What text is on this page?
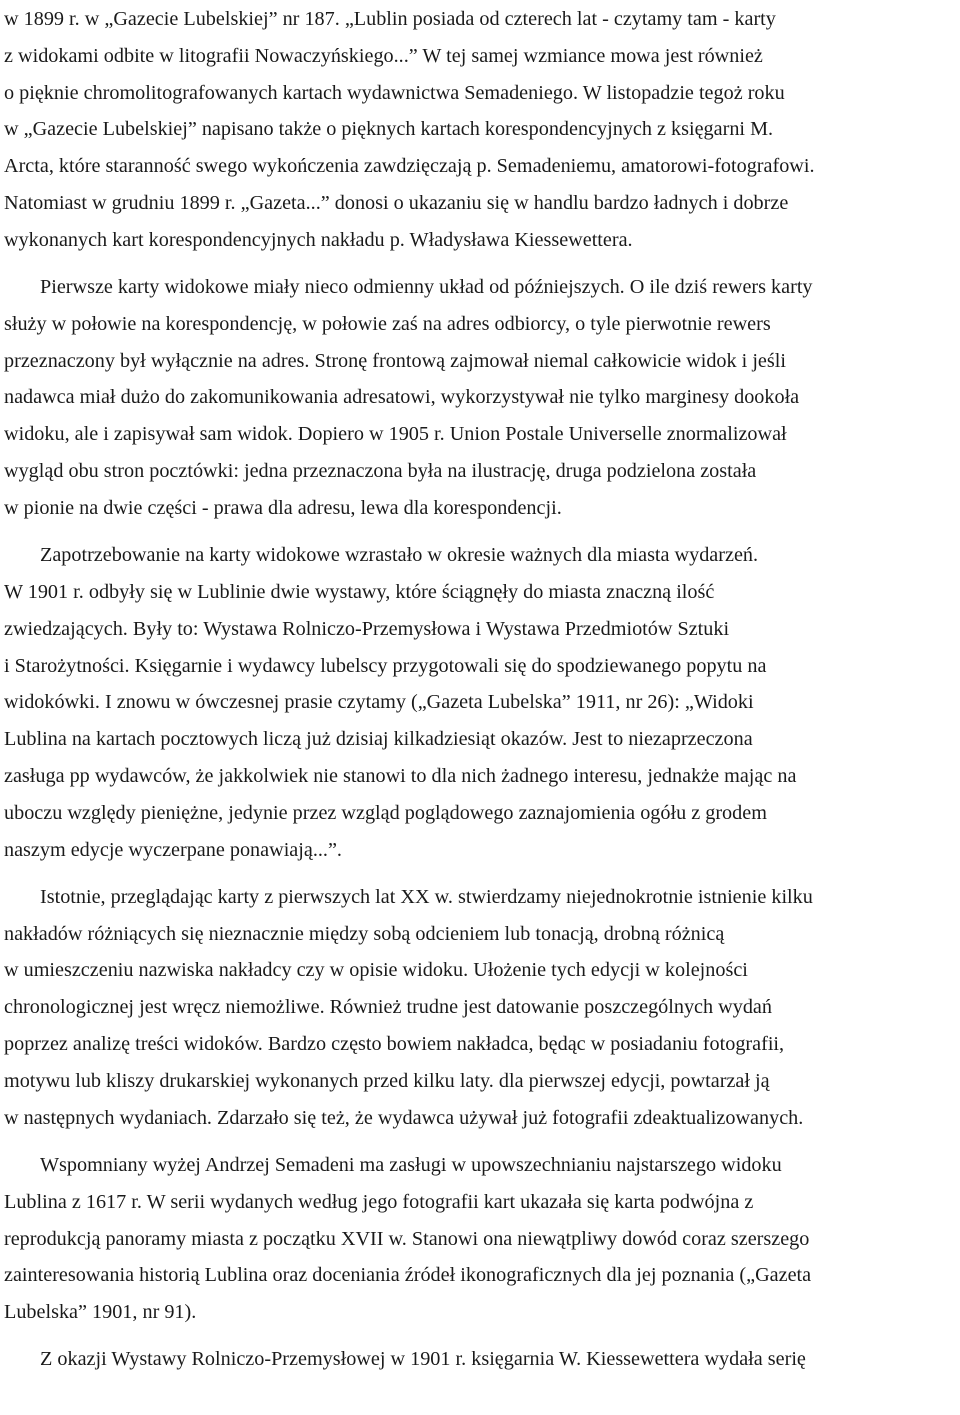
w 1899 r. w „Gazecie Lubelskiej” nr 187. „Lublin posiada od czterech lat - czytamy tam - karty
z widokami odbite w litografii Nowaczyńskiego...” W tej samej wzmiance mowa jest również
o pięknie chromolitografowanych kartach wydawnictwa Semadeniego. W listopadzie tegoż roku
w „Gazecie Lubelskiej” napisano także o pięknych kartach korespondencyjnych z księgarni M.
Arcta, które staranność swego wykończenia zawdzięczają p. Semadeniemu, amatorowi-fotografowi.
Natomiast w grudniu 1899 r. „Gazeta...” donosi o ukazaniu się w handlu bardzo ładnych i dobrze
wykonanych kart korespondencyjnych nakładu p. Władysława Kiessewettera.
Pierwsze karty widokowe miały nieco odmienny układ od późniejszych. O ile dziś rewers karty
służy w połowie na korespondencję, w połowie zaś na adres odbiorcy, o tyle pierwotnie rewers
przeznaczony był wyłącznie na adres. Stronę frontową zajmował niemal całkowicie widok i jeśli
nadawca miał dużo do zakomunikowania adresatowi, wykorzystywał nie tylko marginesy dookoła
widoku, ale i zapisywał sam widok. Dopiero w 1905 r. Union Postale Universelle znormalizował
wygląd obu stron pocztówki: jedna przeznaczona była na ilustrację, druga podzielona została
w pionie na dwie części - prawa dla adresu, lewa dla korespondencji.
Zapotrzebowanie na karty widokowe wzrastało w okresie ważnych dla miasta wydarzeń.
W 1901 r. odbyły się w Lublinie dwie wystawy, które ściągnęły do miasta znaczną ilość
zwiedzających. Były to: Wystawa Rolniczo-Przemysłowa i Wystawa Przedmiotów Sztuki
i Starożytności. Księgarnie i wydawcy lubelscy przygotowali się do spodziewanego popytu na
widokówki. I znowu w ówczesnej prasie czytamy („Gazeta Lubelska” 1911, nr 26): „Widoki
Lublina na kartach pocztowych liczą już dzisiaj kilkadziesiąt okazów. Jest to niezaprzeczona
zasługa pp wydawców, że jakkolwiek nie stanowi to dla nich żadnego interesu, jednakże mając na
uboczu względy pieniężne, jedynie przez wzgląd poglądowego zaznajomienia ogółu z grodem
naszym edycje wyczerpane ponawiają...”.
Istotnie, przeglądając karty z pierwszych lat XX w. stwierdzamy niejednokrotnie istnienie kilku
nakładów różniących się nieznacznie między sobą odcieniem lub tonacją, drobną różnicą
w umieszczeniu nazwiska nakładcy czy w opisie widoku. Ułożenie tych edycji w kolejności
chronologicznej jest wręcz niemożliwe. Również trudne jest datowanie poszczególnych wydań
poprzez analizę treści widoków. Bardzo często bowiem nakładca, będąc w posiadaniu fotografii,
motywu lub kliszy drukarskiej wykonanych przed kilku laty. dla pierwszej edycji, powtarzał ją
w następnych wydaniach. Zdarzało się też, że wydawca używał już fotografii zdeaktualizowanych.
Wspomniany wyżej Andrzej Semadeni ma zasługi w upowszechnianiu najstarszego widoku
Lublina z 1617 r. W serii wydanych według jego fotografii kart ukazała się karta podwójna z
reprodukcją panoramy miasta z początku XVII w. Stanowi ona niewątpliwy dowód coraz szerszego
zainteresowania historią Lublina oraz doceniania źródeł ikonograficznych dla jej poznania („Gazeta
Lubelska” 1901, nr 91).
Z okazji Wystawy Rolniczo-Przemysłowej w 1901 r. księgarnia W. Kiessewettera wydała serię
